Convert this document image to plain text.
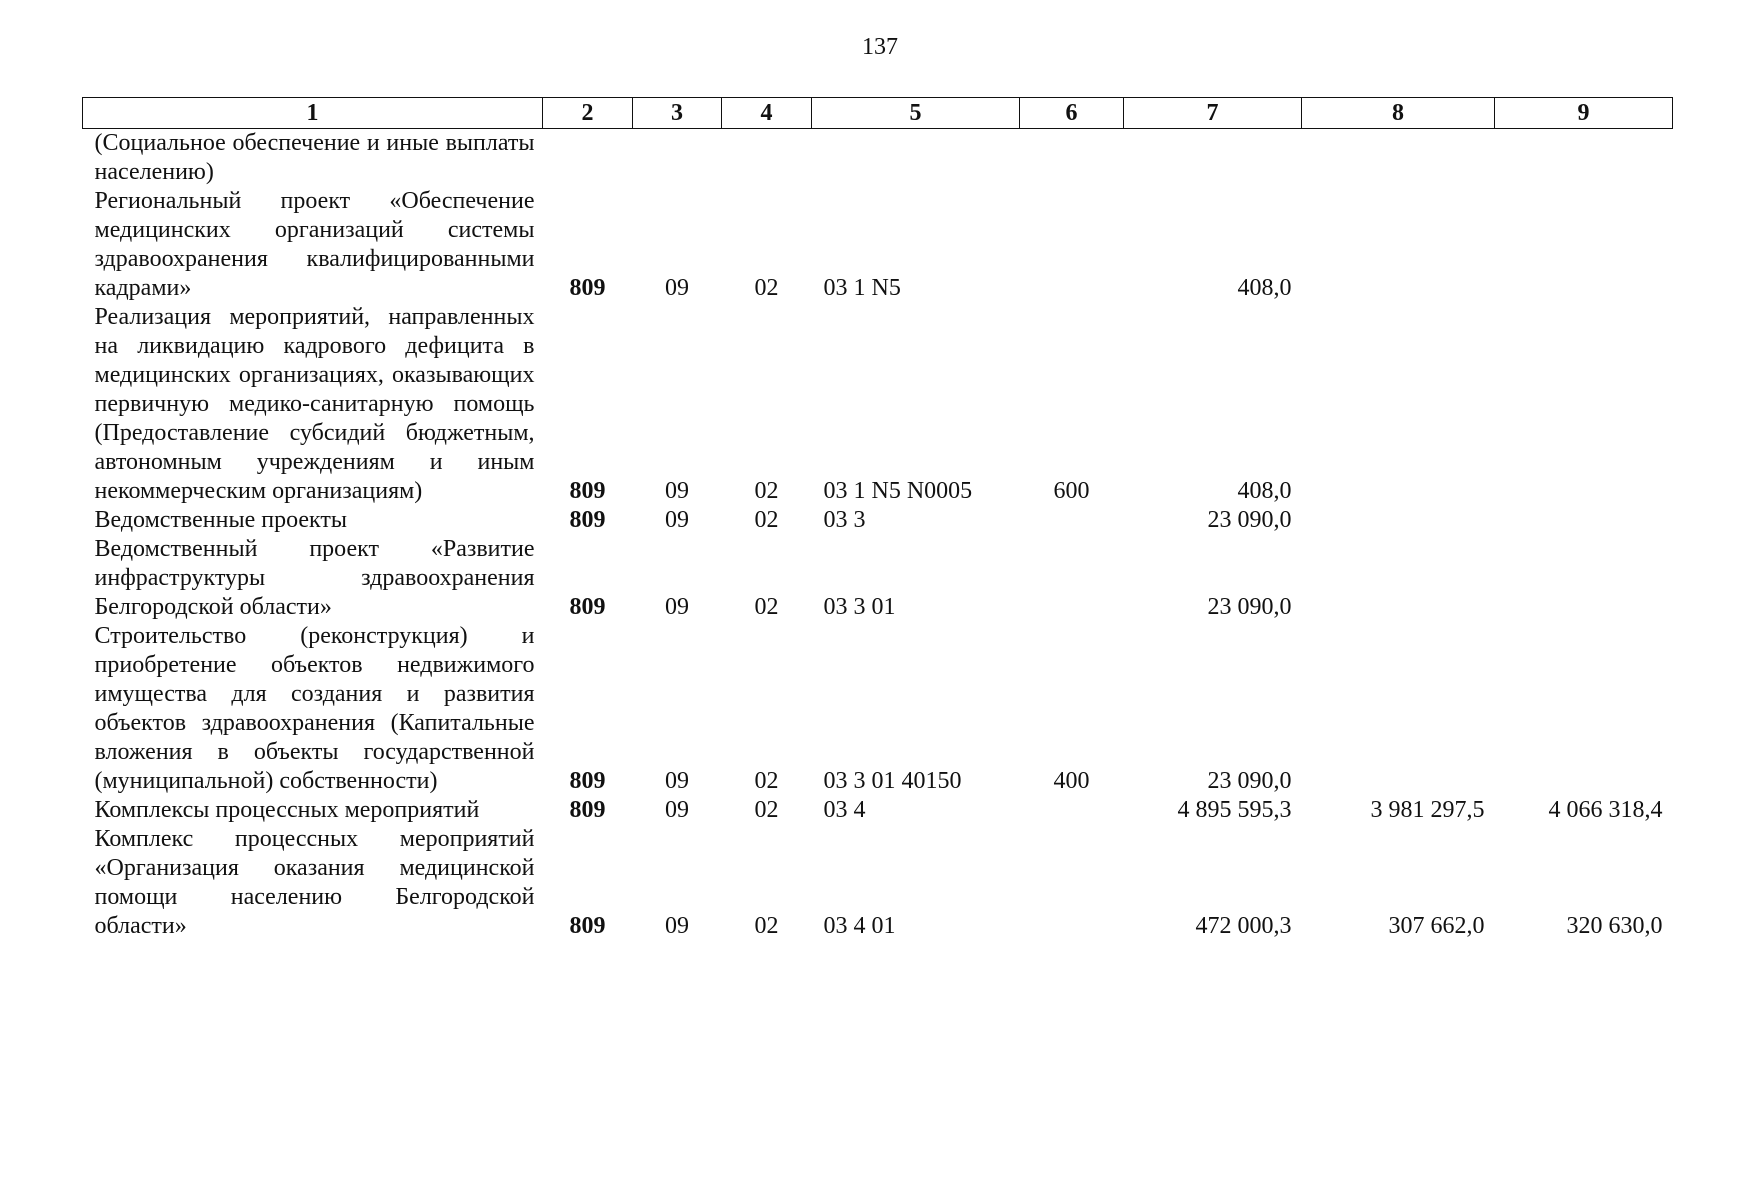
137
1	2	3	4	5	6	7	8	9
(Социальное обеспечение и иные выплаты населению)								
Региональный проект «Обеспечение медицинских организаций системы здравоохранения квалифицированными кадрами»	809	09	02	03 1 N5		408,0		
Реализация мероприятий, направленных на ликвидацию кадрового дефицита в медицинских организациях, оказывающих первичную медико-санитарную помощь (Предоставление субсидий бюджетным, автономным учреждениям и иным некоммерческим организациям)	809	09	02	03 1 N5 N0005	600	408,0		
Ведомственные проекты	809	09	02	03 3		23 090,0		
Ведомственный проект «Развитие инфраструктуры здравоохранения Белгородской области»	809	09	02	03 3 01		23 090,0		
Строительство (реконструкция) и приобретение объектов недвижимого имущества для создания и развития объектов здравоохранения (Капитальные вложения в объекты государственной (муниципальной) собственности)	809	09	02	03 3 01 40150	400	23 090,0		
Комплексы процессных мероприятий	809	09	02	03 4		4 895 595,3	3 981 297,5	4 066 318,4
Комплекс процессных мероприятий «Организация оказания медицинской помощи населению Белгородской области»	809	09	02	03 4 01		472 000,3	307 662,0	320 630,0
